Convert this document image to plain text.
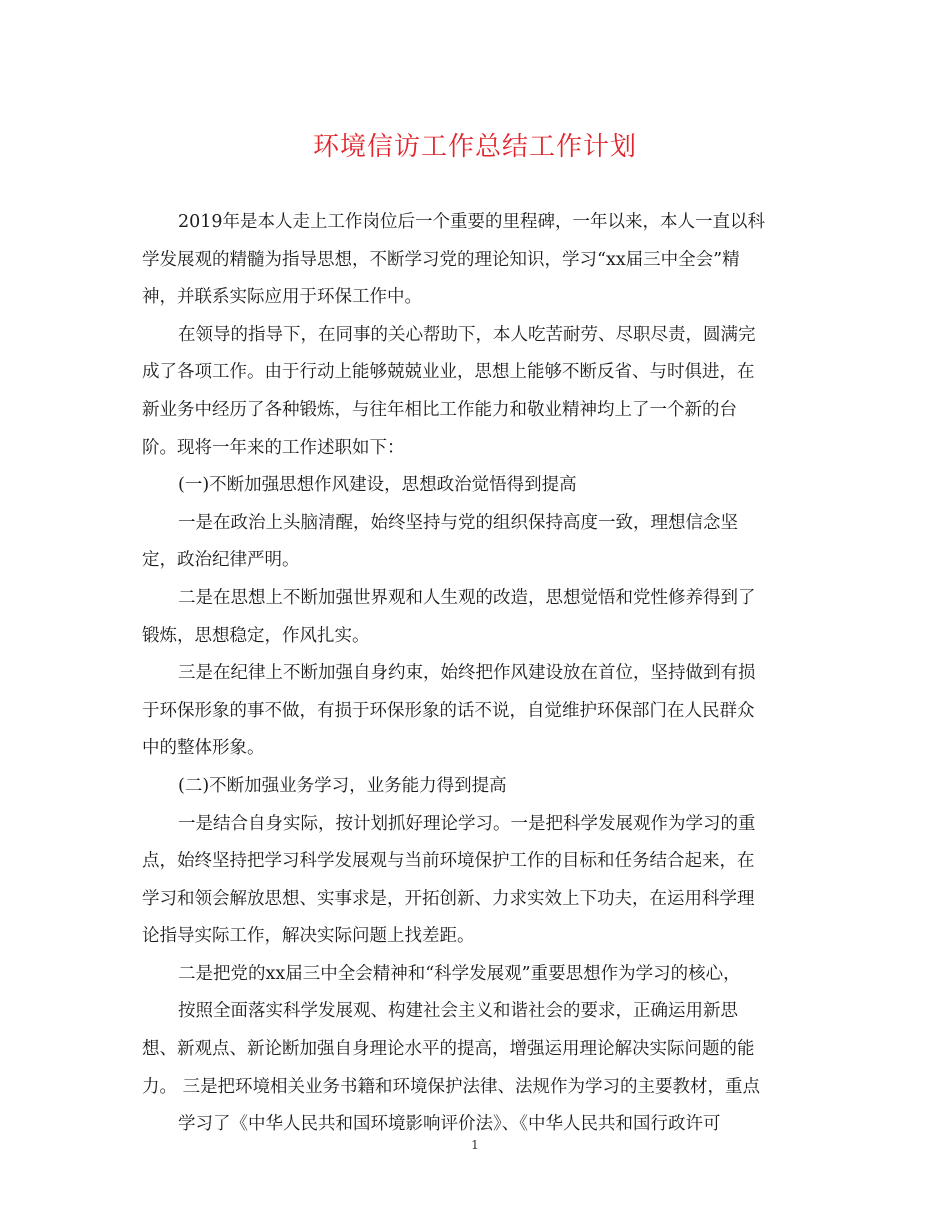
环境信访工作总结工作计划
2019年是本人走上工作岗位后一个重要的里程碑，一年以来，本人一直以科
学发展观的精髓为指导思想，不断学习党的理论知识，学习“xx届三中全会”精
神，并联系实际应用于环保工作中。
在领导的指导下，在同事的关心帮助下，本人吃苦耐劳、尽职尽责，圆满完
成了各项工作。由于行动上能够兢兢业业，思想上能够不断反省、与时俱进，在
新业务中经历了各种锻炼，与往年相比工作能力和敬业精神均上了一个新的台
阶。现将一年来的工作述职如下：
(一)不断加强思想作风建设，思想政治觉悟得到提高
一是在政治上头脑清醒，始终坚持与党的组织保持高度一致，理想信念坚
定，政治纪律严明。
二是在思想上不断加强世界观和人生观的改造，思想觉悟和党性修养得到了
锻炼，思想稳定，作风扎实。
三是在纪律上不断加强自身约束，始终把作风建设放在首位，坚持做到有损
于环保形象的事不做，有损于环保形象的话不说，自觉维护环保部门在人民群众
中的整体形象。
(二)不断加强业务学习，业务能力得到提高
一是结合自身实际，按计划抓好理论学习。一是把科学发展观作为学习的重
点，始终坚持把学习科学发展观与当前环境保护工作的目标和任务结合起来，在
学习和领会解放思想、实事求是，开拓创新、力求实效上下功夫，在运用科学理
论指导实际工作，解决实际问题上找差距。
二是把党的xx届三中全会精神和“科学发展观”重要思想作为学习的核心，
按照全面落实科学发展观、构建社会主义和谐社会的要求，正确运用新思
想、新观点、新论断加强自身理论水平的提高，增强运用理论解决实际问题的能
力。 三是把环境相关业务书籍和环境保护法律、法规作为学习的主要教材，重点
学习了《中华人民共和国环境影响评价法》、《中华人民共和国行政许可
1
